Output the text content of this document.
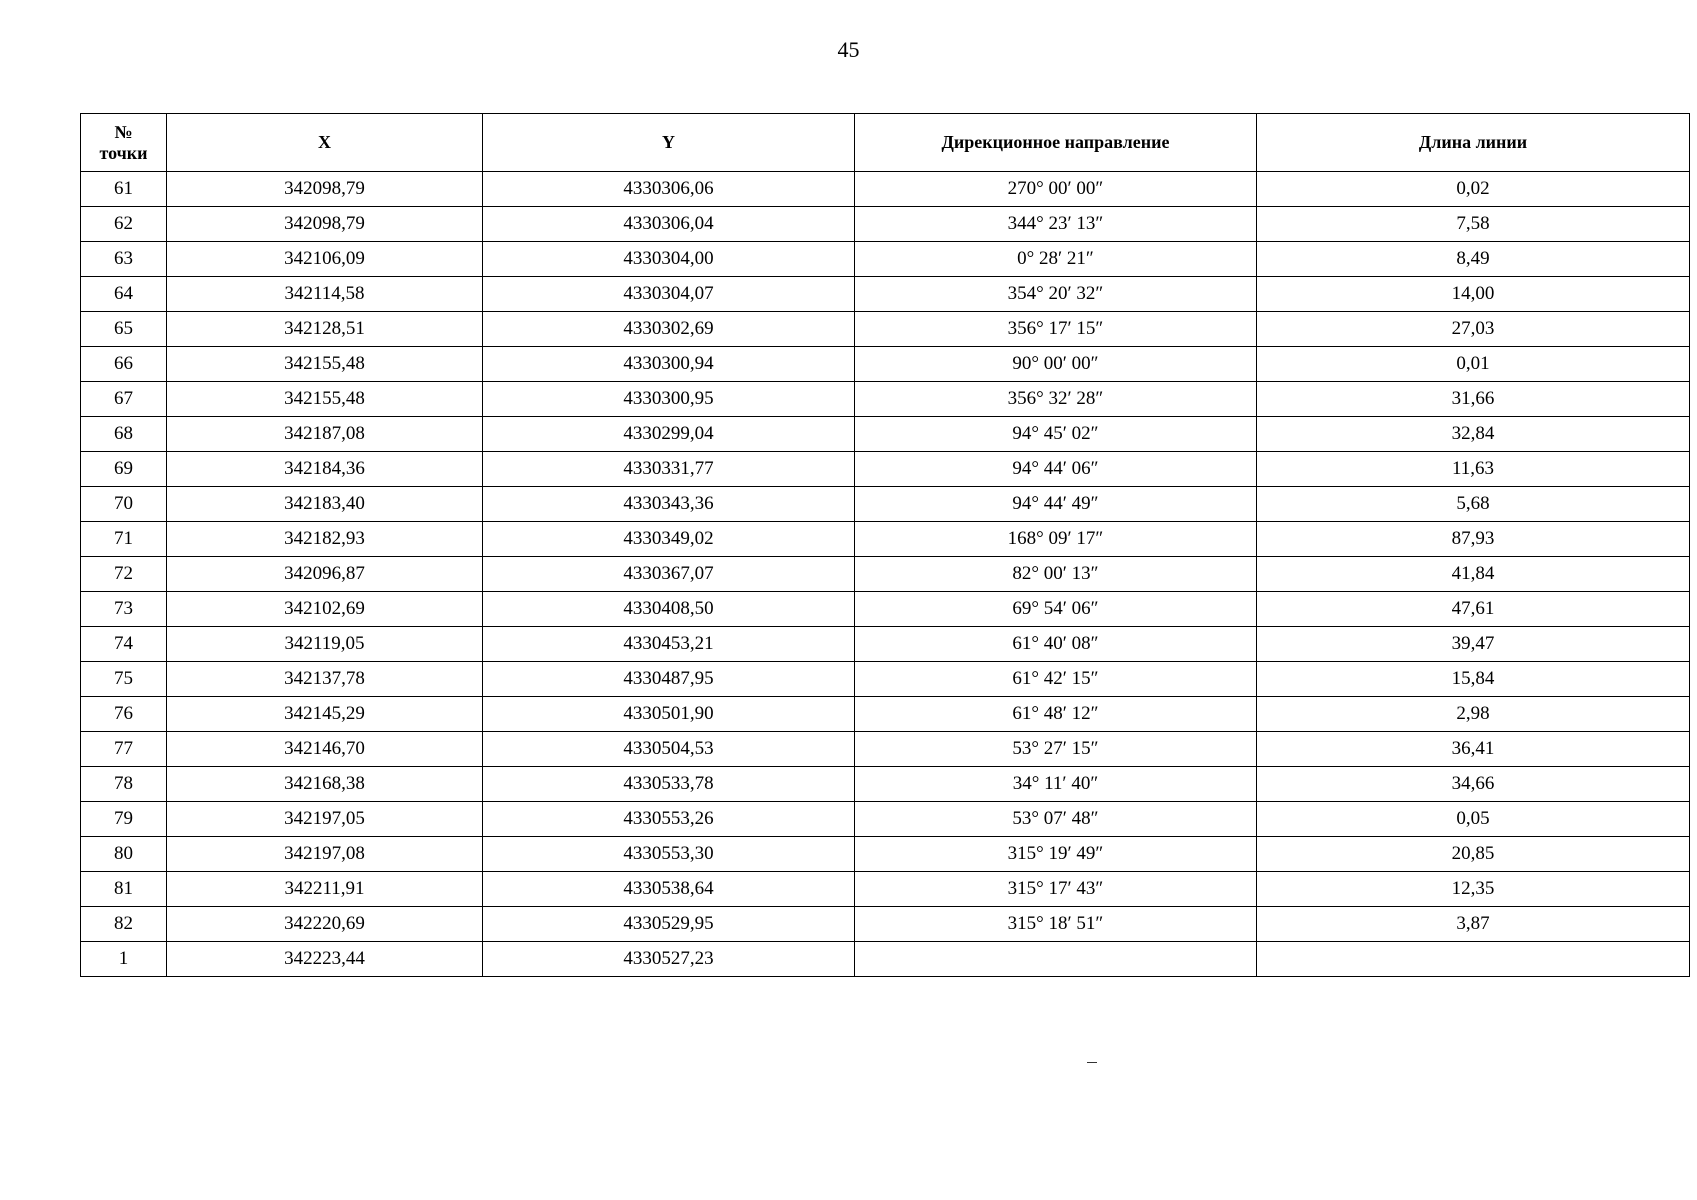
45
№
точки	X	Y	Дирекционное направление	Длина линии
61	342098,79	4330306,06	270° 00′ 00″	0,02
62	342098,79	4330306,04	344° 23′ 13″	7,58
63	342106,09	4330304,00	0° 28′ 21″	8,49
64	342114,58	4330304,07	354° 20′ 32″	14,00
65	342128,51	4330302,69	356° 17′ 15″	27,03
66	342155,48	4330300,94	90° 00′ 00″	0,01
67	342155,48	4330300,95	356° 32′ 28″	31,66
68	342187,08	4330299,04	94° 45′ 02″	32,84
69	342184,36	4330331,77	94° 44′ 06″	11,63
70	342183,40	4330343,36	94° 44′ 49″	5,68
71	342182,93	4330349,02	168° 09′ 17″	87,93
72	342096,87	4330367,07	82° 00′ 13″	41,84
73	342102,69	4330408,50	69° 54′ 06″	47,61
74	342119,05	4330453,21	61° 40′ 08″	39,47
75	342137,78	4330487,95	61° 42′ 15″	15,84
76	342145,29	4330501,90	61° 48′ 12″	2,98
77	342146,70	4330504,53	53° 27′ 15″	36,41
78	342168,38	4330533,78	34° 11′ 40″	34,66
79	342197,05	4330553,26	53° 07′ 48″	0,05
80	342197,08	4330553,30	315° 19′ 49″	20,85
81	342211,91	4330538,64	315° 17′ 43″	12,35
82	342220,69	4330529,95	315° 18′ 51″	3,87
1	342223,44	4330527,23		
